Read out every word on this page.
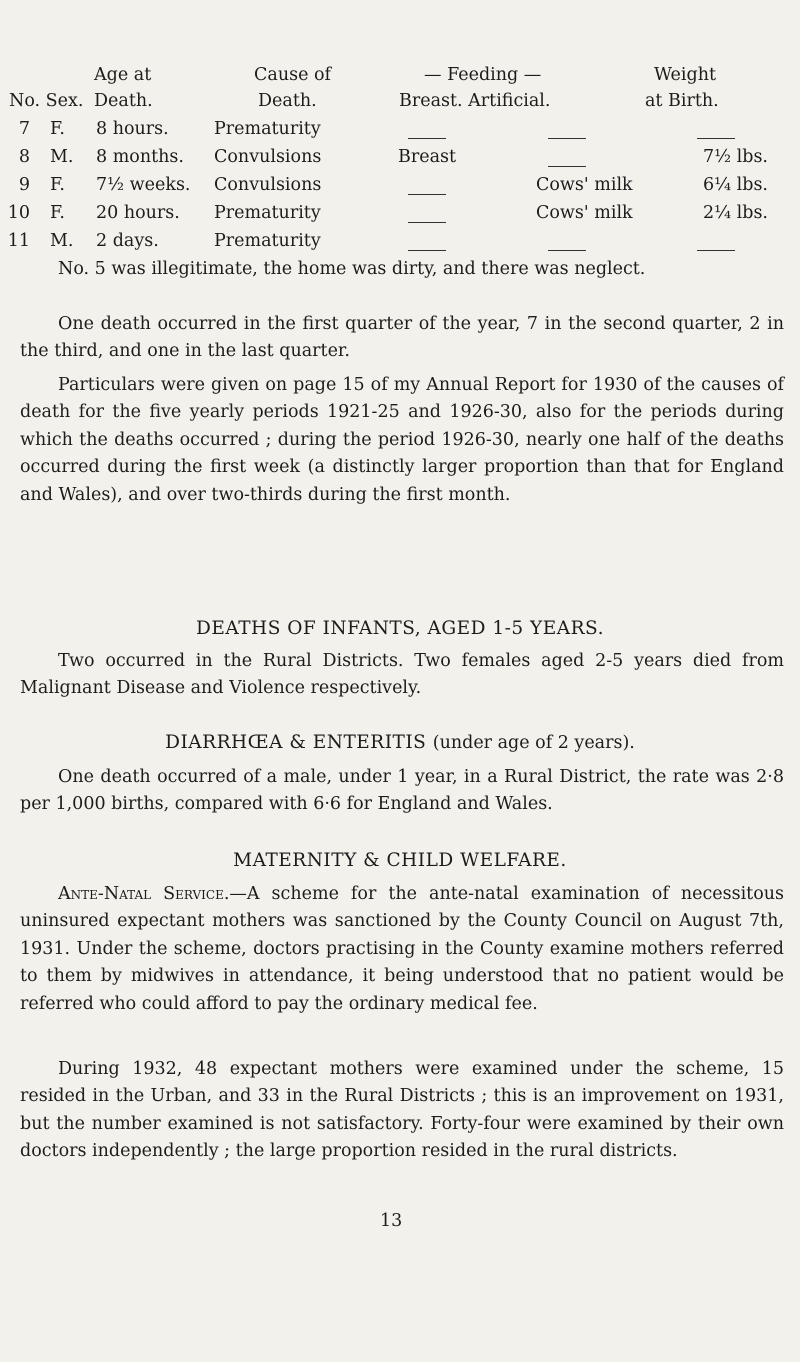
Age at	Cause of	— Feeding —	Weight
No. Sex. Death.	Death.	Breast. Artificial.	at Birth.
7 F. 8 hours.	Prematurity
8 M. 8 months. Convulsions	Breast	7½ lbs.
9 F. 7½ weeks. Convulsions	Cows' milk	6¼ lbs.
10 F. 20 hours. Prematurity	Cows' milk	2¼ lbs.
11 M. 2 days.	Prematurity

No. 5 was illegitimate, the home was dirty, and there was neglect.

One death occurred in the first quarter of the year, 7 in the second quarter, 2 in the third, and one in the last quarter.

Particulars were given on page 15 of my Annual Report for 1930 of the causes of death for the five yearly periods 1921-25 and 1926-30, also for the periods during which the deaths occurred ; during the period 1926-30, nearly one half of the deaths occurred during the first week (a distinctly larger proportion than that for England and Wales), and over two-thirds during the first month.

DEATHS OF INFANTS, AGED 1-5 YEARS.

Two occurred in the Rural Districts. Two females aged 2-5 years died from Malignant Disease and Violence respectively.

DIARRHŒA & ENTERITIS (under age of 2 years).

One death occurred of a male, under 1 year, in a Rural District, the rate was 2·8 per 1,000 births, compared with 6·6 for England and Wales.

MATERNITY & CHILD WELFARE.

Ante-Natal Service.—A scheme for the ante-natal examination of necessitous uninsured expectant mothers was sanctioned by the County Council on August 7th, 1931. Under the scheme, doctors practising in the County examine mothers referred to them by midwives in attendance, it being understood that no patient would be referred who could afford to pay the ordinary medical fee.

During 1932, 48 expectant mothers were examined under the scheme, 15 resided in the Urban, and 33 in the Rural Districts ; this is an improvement on 1931, but the number examined is not satisfactory. Forty-four were examined by their own doctors independently ; the large proportion resided in the rural districts.

13
